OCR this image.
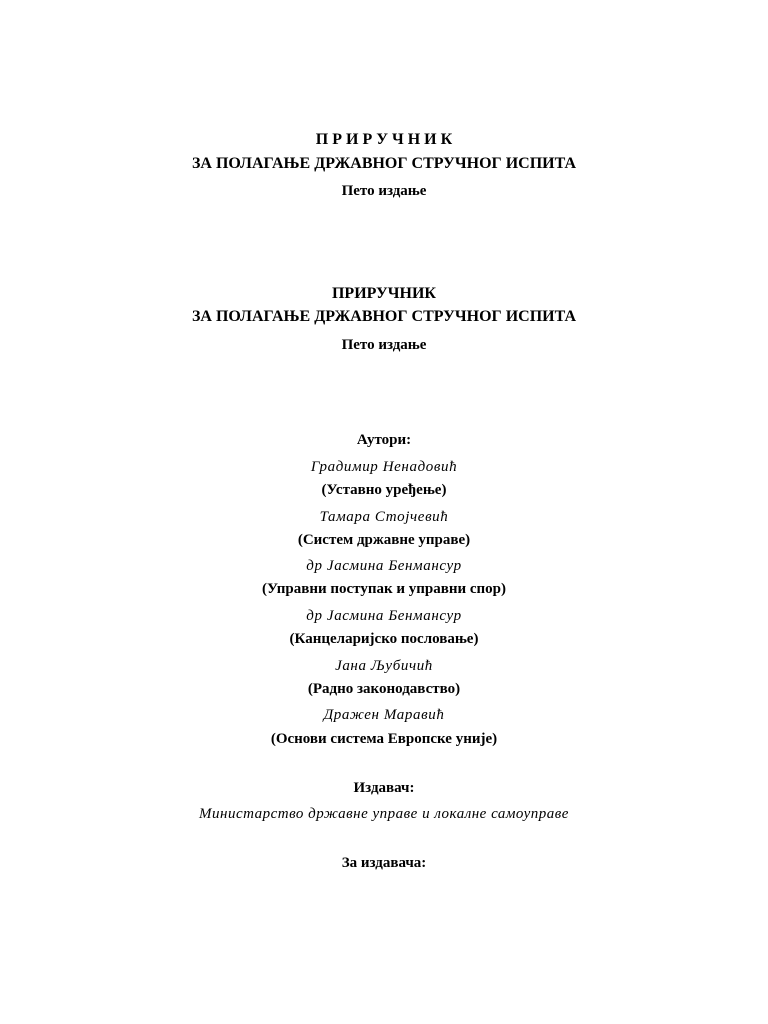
П Р И Р У Ч Н И К
ЗА ПОЛАГАЊЕ ДРЖАВНОГ СТРУЧНОГ ИСПИТА
Пето издање
ПРИРУЧНИК
ЗА ПОЛАГАЊЕ ДРЖАВНОГ СТРУЧНОГ ИСПИТА
Пето издање
Аутори:
Градимир Ненадовић
(Уставно уређење)
Тамара Стојчевић
(Систем државне управе)
др Јасмина Бенмансур
(Управни поступак и управни спор)
др Јасмина Бенмансур
(Канцеларијско пословање)
Јана Љубичић
(Радно законодавство)
Дражен Маравић
(Основи система Европске уније)
Издавач:
Министарство државне управе и локалне самоуправе
За издавача:
